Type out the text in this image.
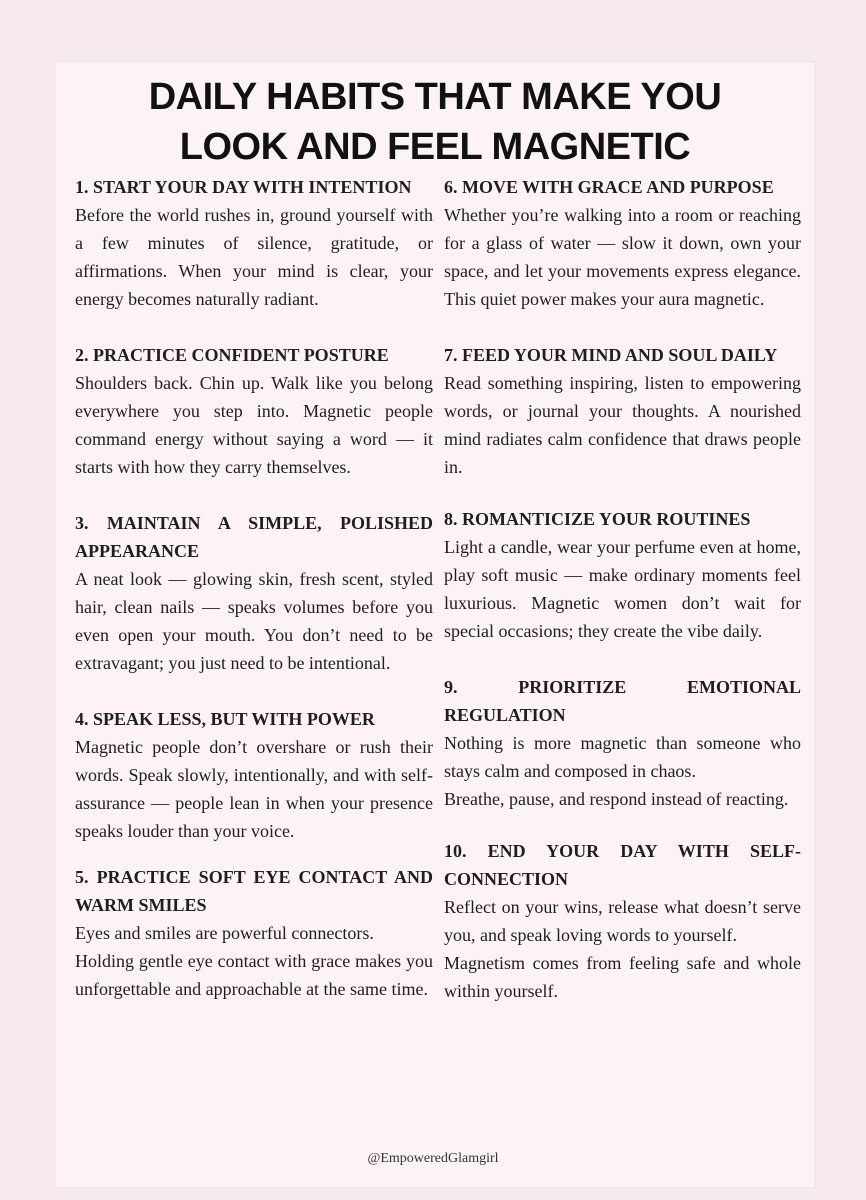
DAILY HABITS THAT MAKE YOU
LOOK AND FEEL MAGNETIC

1. START YOUR DAY WITH INTENTION

Before the world rushes in, ground yourself with a few minutes of silence, gratitude, or affirmations. When your mind is clear, your energy becomes naturally radiant.

2. PRACTICE CONFIDENT POSTURE

Shoulders back. Chin up. Walk like you belong everywhere you step into. Magnetic people command energy without saying a word — it starts with how they carry themselves.

3. MAINTAIN A SIMPLE, POLISHED APPEARANCE

A neat look — glowing skin, fresh scent, styled hair, clean nails — speaks volumes before you even open your mouth. You don’t need to be extravagant; you just need to be intentional.

4. SPEAK LESS, BUT WITH POWER

Magnetic people don’t overshare or rush their words. Speak slowly, intentionally, and with self-assurance — people lean in when your presence speaks louder than your voice.

5. PRACTICE SOFT EYE CONTACT AND WARM SMILES

Eyes and smiles are powerful connectors.

Holding gentle eye contact with grace makes you unforgettable and approachable at the same time.

6. MOVE WITH GRACE AND PURPOSE

Whether you’re walking into a room or reaching for a glass of water — slow it down, own your space, and let your movements express elegance. This quiet power makes your aura magnetic.

7. FEED YOUR MIND AND SOUL DAILY

Read something inspiring, listen to empowering words, or journal your thoughts. A nourished mind radiates calm confidence that draws people in.

8. ROMANTICIZE YOUR ROUTINES

Light a candle, wear your perfume even at home, play soft music — make ordinary moments feel luxurious. Magnetic women don’t wait for special occasions; they create the vibe daily.

9. PRIORITIZE EMOTIONAL REGULATION

Nothing is more magnetic than someone who stays calm and composed in chaos.

Breathe, pause, and respond instead of reacting.

10. END YOUR DAY WITH SELF-CONNECTION

Reflect on your wins, release what doesn’t serve you, and speak loving words to yourself.

Magnetism comes from feeling safe and whole within yourself.

@EmpoweredGlamgirl
